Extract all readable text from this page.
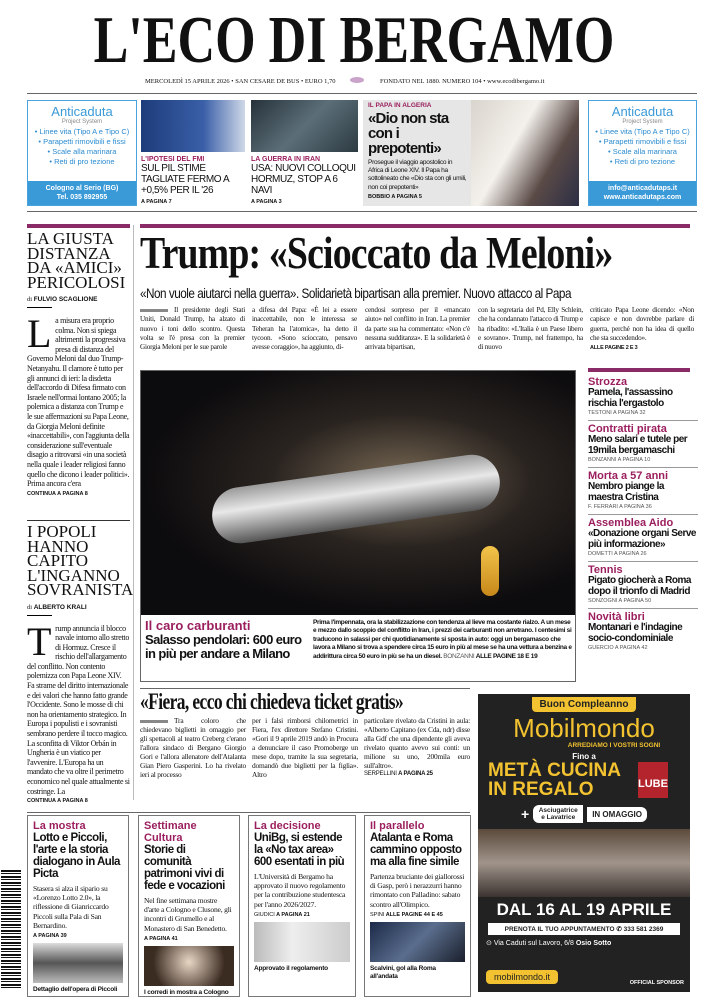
L'ECO DI BERGAMO
MERCOLEDÌ 15 APRILE 2026 • SAN CESARE DE BUS • EURO 1,70	FONDATO NEL 1880. NUMERO 104 • www.ecodibergamo.it
Anticaduta
Project System
• Linee vita (Tipo A e Tipo C)
• Parapetti rimovibili e fissi
• Scale alla marinara
• Reti di pro tezione
Cologno al Serio (BG)
Tel. 035 892955
Anticaduta
Project System
• Linee vita (Tipo A e Tipo C)
• Parapetti rimovibili e fissi
• Scale alla marinara
• Reti di pro tezione
info@anticadutaps.it
www.anticadutaps.com
L'IPOTESI DEL FMI
SUL PIL STIME TAGLIATE FERMO A +0,5% PER IL '26
A PAGINA 7
LA GUERRA IN IRAN
USA: NUOVI COLLOQUI HORMUZ, STOP A 6 NAVI
A PAGINA 3
IL PAPA IN ALGERIA
«Dio non sta con i prepotenti»
Prosegue il viaggio apostolico in Africa di Leone XIV. Il Papa ha sottolineato che «Dio sta con gli umili, non coi prepotenti»
BOBBIO A PAGINA 5
LA GIUSTA DISTANZA DA «AMICI» PERICOLOSI
di FULVIO SCAGLIONE

La misura era proprio colma. Non si spiega altrimenti la progressiva presa di distanza del Governo Meloni dal duo Trump-Netanyahu. Il clamore è tutto per gli annunci di ieri: la disdetta dell'accordo di Difesa firmato con Israele nell'ormai lontano 2005; la polemica a distanza con Trump e le sue affermazioni su Papa Leone, da Giorgia Meloni definite «inaccettabili», con l'aggiunta della considerazione sull'eventuale disagio a ritrovarsi «in una società nella quale i leader religiosi fanno quello che dicono i leader politici». Prima ancora c'era

CONTINUA A PAGINA 8
I POPOLI HANNO CAPITO L'INGANNO SOVRANISTA
di ALBERTO KRALI

Trump annuncia il blocco navale intorno allo stretto di Hormuz. Cresce il rischio dell'allargamento del conflitto. Non contento polemizza con Papa Leone XIV. Fa strame del diritto internazionale e dei valori che hanno fatto grande l'Occidente. Sono le mosse di chi non ha orientamento strategico. In Europa i populisti e i sovranisti sembrano perdere il tocco magico. La sconfitta di Viktor Orbán in Ungheria è un viatico per l'avvenire. L'Europa ha un mandato che va oltre il perimetro economico nel quale attualmente si costringe. La

CONTINUA A PAGINA 8
Trump: «Scioccato da Meloni»
«Non vuole aiutarci nella guerra». Solidarietà bipartisan alla premier. Nuovo attacco al Papa
Il presidente degli Stati Uniti, Donald Trump, ha alzato di nuovo i toni dello scontro. Questa volta se l'è presa con la premier Giorgia Meloni per le sue parole
a difesa del Papa: «È lei a essere inaccettabile, non le interessa se Teheran ha l'atomica», ha detto il tycoon. «Sono scioccato, pensavo avesse coraggio», ha aggiunto, di-
cendosi sorpreso per il «mancato aiuto» nel conflitto in Iran. La premier da parte sua ha commentato: «Non c'è nessuna sudditanza». E la solidarietà è arrivata bipartisan,
con la segretaria del Pd, Elly Schlein, che ha condannato l'attacco di Trump e ha ribadito: «L'Italia è un Paese libero e sovrano». Trump, nel frattempo, ha di nuovo
criticato Papa Leone dicendo: «Non capisce e non dovrebbe parlare di guerra, perché non ha idea di quello che sta succedendo».
ALLE PAGINE 2 E 3
Il caro carburanti
Salasso pendolari: 600 euro in più per andare a Milano
Prima l'impennata, ora la stabilizzazione con tendenza al lieve ma costante rialzo. A un mese e mezzo dallo scoppio del conflitto in Iran, i prezzi dei carburanti non arretrano. I centesimi si traducono in salassi per chi quotidianamente si sposta in auto: oggi un bergamasco che lavora a Milano si trova a spendere circa 15 euro in più al mese se ha una vettura a benzina e addirittura circa 50 euro in più se ha un diesel. BONZANNI ALLE PAGINE 18 E 19
Strozza
Pamela, l'assassino rischia l'ergastolo
TESTONI A PAGINA 32
Contratti pirata
Meno salari e tutele per 19mila bergamaschi
BONZANNI A PAGINA 10
Morta a 57 anni
Nembro piange la maestra Cristina
F. FERRARI A PAGINA 36
Assemblea Aido
«Donazione organi Serve più informazione»
DOMETTI A PAGINA 26
Tennis
Pigato giocherà a Roma dopo il trionfo di Madrid
SONZOGNI A PAGINA 50
Novità libri
Montanari e l'indagine socio-condominiale
GUERCIO A PAGINA 42
«Fiera, ecco chi chiedeva ticket gratis»
Tra coloro che chiedevano biglietti in omaggio per gli spettacoli al teatro Creberg c'erano l'allora sindaco di Bergano Giorgio Gori e l'allora allenatore dell'Atalanta Gian Piero Gasperini. Lo ha rivelato ieri al processo
per i falsi rimborsi chilometrici in Fiera, l'ex direttore Stefano Cristini. «Gori il 9 aprile 2019 andò in Procura a denunciare il caso Promoberge un mese dopo, tramite la sua segretaria, domandò due biglietti per la figlia». Altro
particolare rivelato da Cristini in aula: «Alberto Capitano (ex Cda, ndr) disse alla Gdf che una dipendente gli aveva rivelato quanto avevo sui conti: un milione su uno, 200mila euro sull'altro».
SERPELLINI A PAGINA 25
Buon Compleanno
Mobilmondo
ARREDIAMO I VOSTRI SOGNI
Fino a
METÀ CUCINA IN REGALO	LUBE
+	Asciugatrice e Lavatrice	IN OMAGGIO
DAL 16 AL 19 APRILE
PRENOTA IL TUO APPUNTAMENTO ✆ 333 581 2369
⊙ Via Caduti sul Lavoro, 6/8 Osio Sotto
mobilmondo.it
OFFICIAL SPONSOR
La mostra
Lotto e Piccoli, l'arte e la storia dialogano in Aula Picta

Stasera si alza il sipario su «Lorenzo Lotto 2.0», la riflessione di Gianriccardo Piccoli sulla Pala di San Bernardino.

A PAGINA 39
Dettaglio dell'opera di Piccoli
Settimane Cultura
Storie di comunità patrimoni vivi di fede e vocazioni

Nel fine settimana mostre d'arte a Cologno e Clusone, gli incontri di Grumello e al Monastero di San Benedetto.

A PAGINA 41
I corredi in mostra a Cologno
La decisione
UniBg, si estende la «No tax area» 600 esentati in più

L'Università di Bergamo ha approvato il nuovo regolamento per la contribuzione studentesca per l'anno 2026/2027.

GIUDICI A PAGINA 21
Approvato il regolamento
Il parallelo
Atalanta e Roma cammino opposto ma alla fine simile

Partenza bruciante dei giallorossi di Gasp, però i nerazzurri hanno rimontato con Palladino: sabato scontro all'Olimpico.

SPINI ALLE PAGINE 44 E 45
Scalvini, gol alla Roma all'andata
